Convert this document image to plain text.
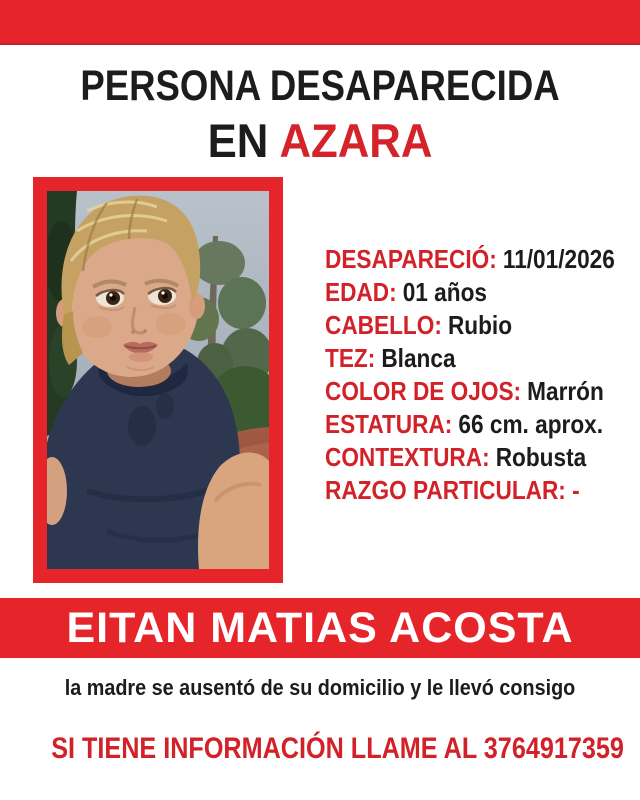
PERSONA DESAPARECIDA
EN AZARA
DESAPARECIÓ: 11/01/2026
EDAD: 01 años
CABELLO: Rubio
TEZ: Blanca
COLOR DE OJOS: Marrón
ESTATURA: 66 cm. aprox.
CONTEXTURA: Robusta
RAZGO PARTICULAR: -
EITAN MATIAS ACOSTA
la madre se ausentó de su domicilio y le llevó consigo
SI TIENE INFORMACIÓN LLAME AL 3764917359
